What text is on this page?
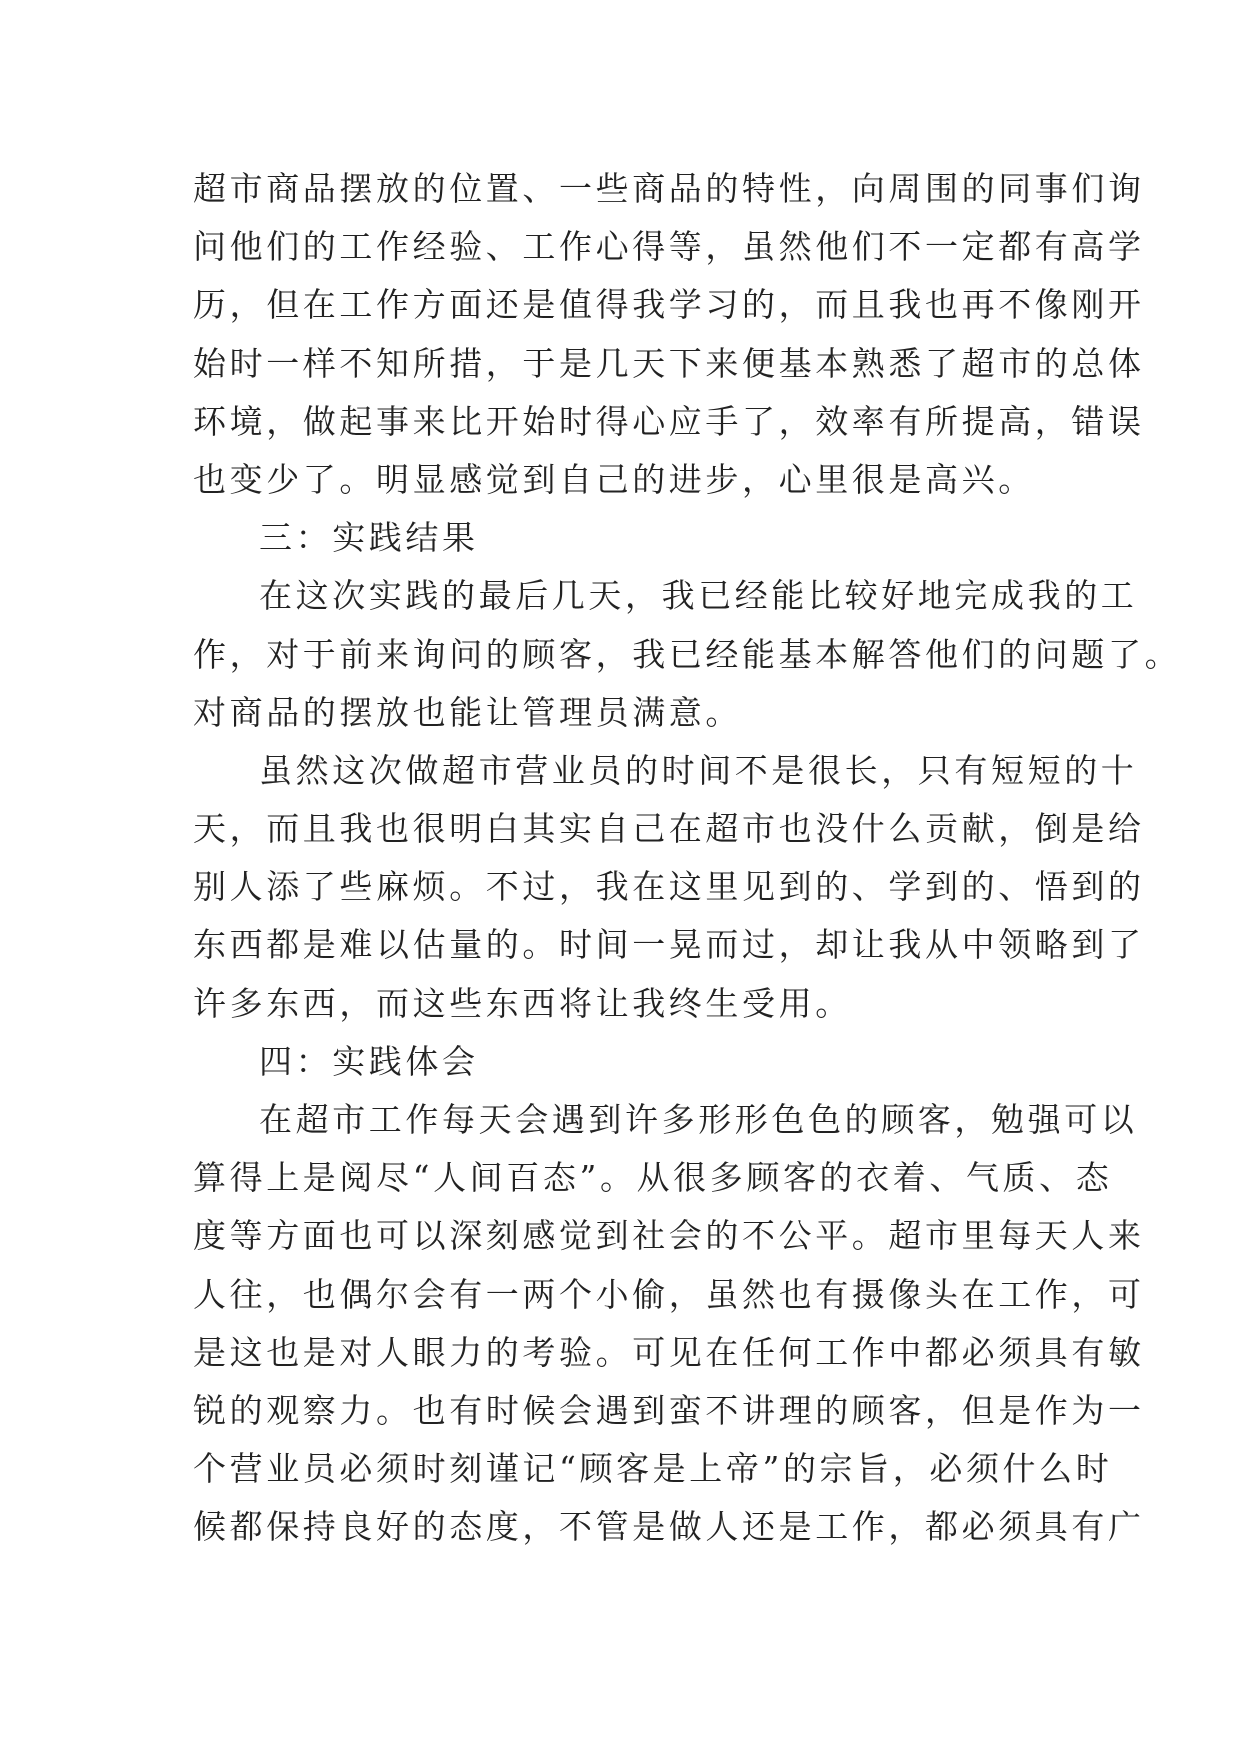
超市商品摆放的位置、一些商品的特性，向周围的同事们询
问他们的工作经验、工作心得等，虽然他们不一定都有高学
历，但在工作方面还是值得我学习的，而且我也再不像刚开
始时一样不知所措，于是几天下来便基本熟悉了超市的总体
环境，做起事来比开始时得心应手了，效率有所提高，错误
也变少了。明显感觉到自己的进步，心里很是高兴。
三：实践结果
在这次实践的最后几天，我已经能比较好地完成我的工
作，对于前来询问的顾客，我已经能基本解答他们的问题了。
对商品的摆放也能让管理员满意。
虽然这次做超市营业员的时间不是很长，只有短短的十
天，而且我也很明白其实自己在超市也没什么贡献，倒是给
别人添了些麻烦。不过，我在这里见到的、学到的、悟到的
东西都是难以估量的。时间一晃而过，却让我从中领略到了
许多东西，而这些东西将让我终生受用。
四：实践体会
在超市工作每天会遇到许多形形色色的顾客，勉强可以
算得上是阅尽“人间百态”。从很多顾客的衣着、气质、态
度等方面也可以深刻感觉到社会的不公平。超市里每天人来
人往，也偶尔会有一两个小偷，虽然也有摄像头在工作，可
是这也是对人眼力的考验。可见在任何工作中都必须具有敏
锐的观察力。也有时候会遇到蛮不讲理的顾客，但是作为一
个营业员必须时刻谨记“顾客是上帝”的宗旨，必须什么时
候都保持良好的态度，不管是做人还是工作，都必须具有广
